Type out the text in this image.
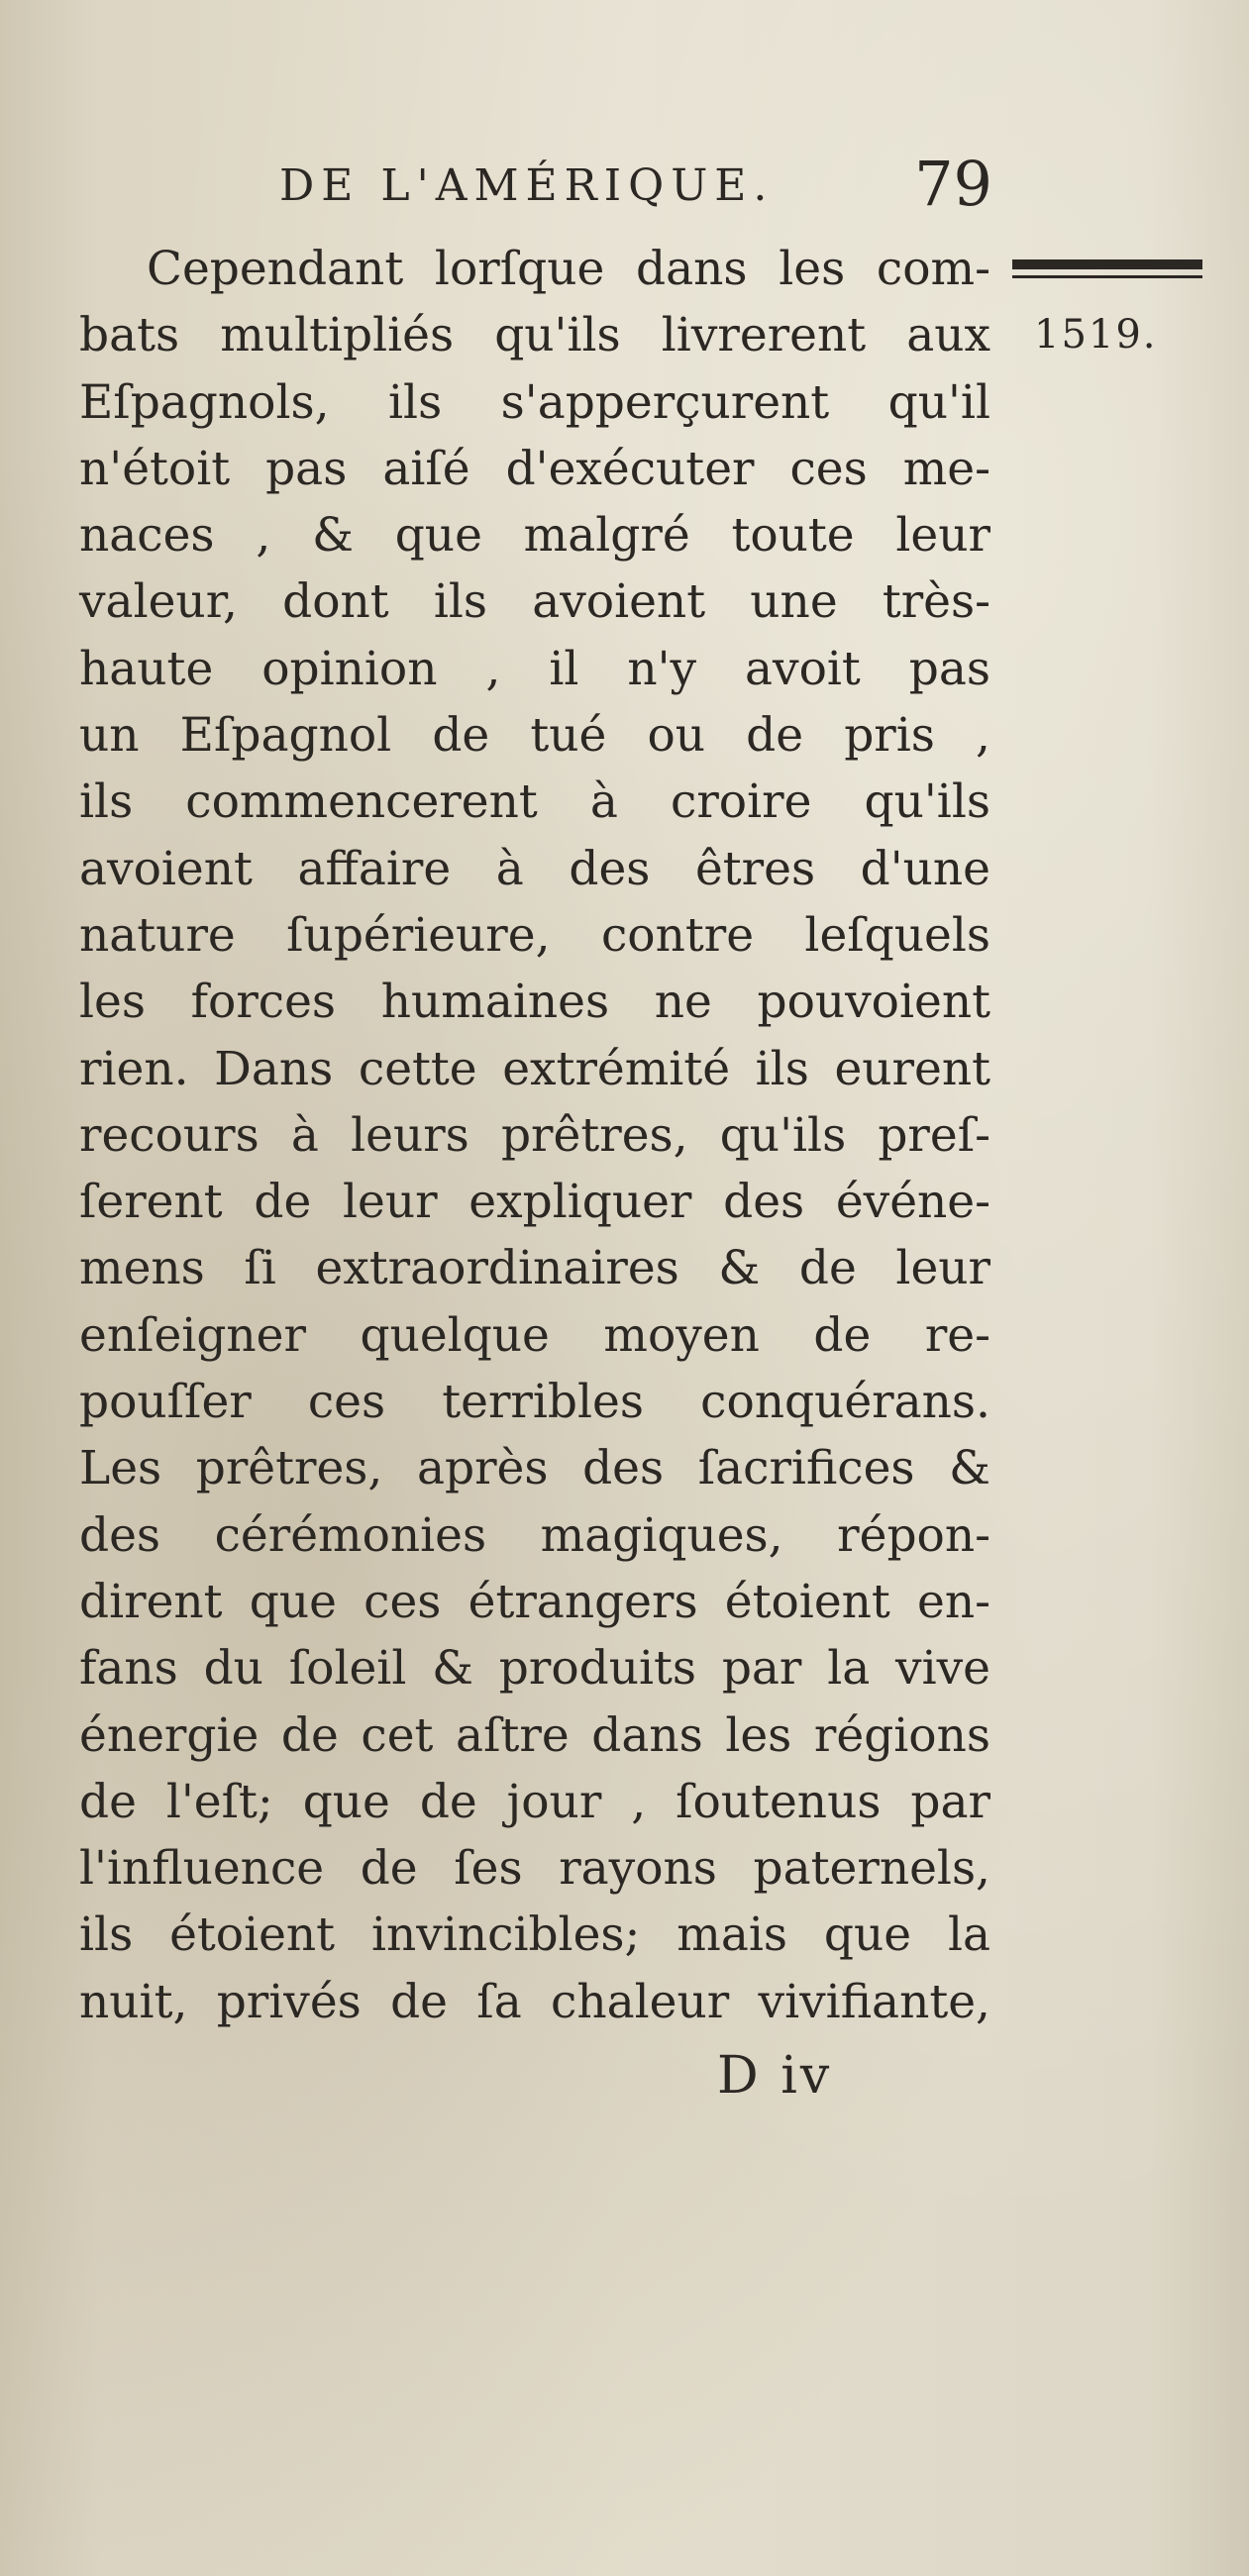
DE L'AMÉRIQUE. 79
1519.
Cependant lorſque dans les com-
bats multipliés qu'ils livrerent aux
Eſpagnols, ils s'apperçurent qu'il
n'étoit pas aiſé d'exécuter ces me-
naces , & que malgré toute leur
valeur, dont ils avoient une très-
haute opinion , il n'y avoit pas
un Eſpagnol de tué ou de pris ,
ils commencerent à croire qu'ils
avoient affaire à des êtres d'une
nature ſupérieure, contre leſquels
les forces humaines ne pouvoient
rien. Dans cette extrémité ils eurent
recours à leurs prêtres, qu'ils preſ-
ſerent de leur expliquer des événe-
mens ſi extraordinaires & de leur
enſeigner quelque moyen de re-
pouſſer ces terribles conquérans.
Les prêtres, après des ſacrifices &
des cérémonies magiques, répon-
dirent que ces étrangers étoient en-
fans du ſoleil & produits par la vive
énergie de cet aſtre dans les régions
de l'eſt; que de jour , ſoutenus par
l'influence de ſes rayons paternels,
ils étoient invincibles; mais que la
nuit, privés de ſa chaleur vivifiante,
D iv
